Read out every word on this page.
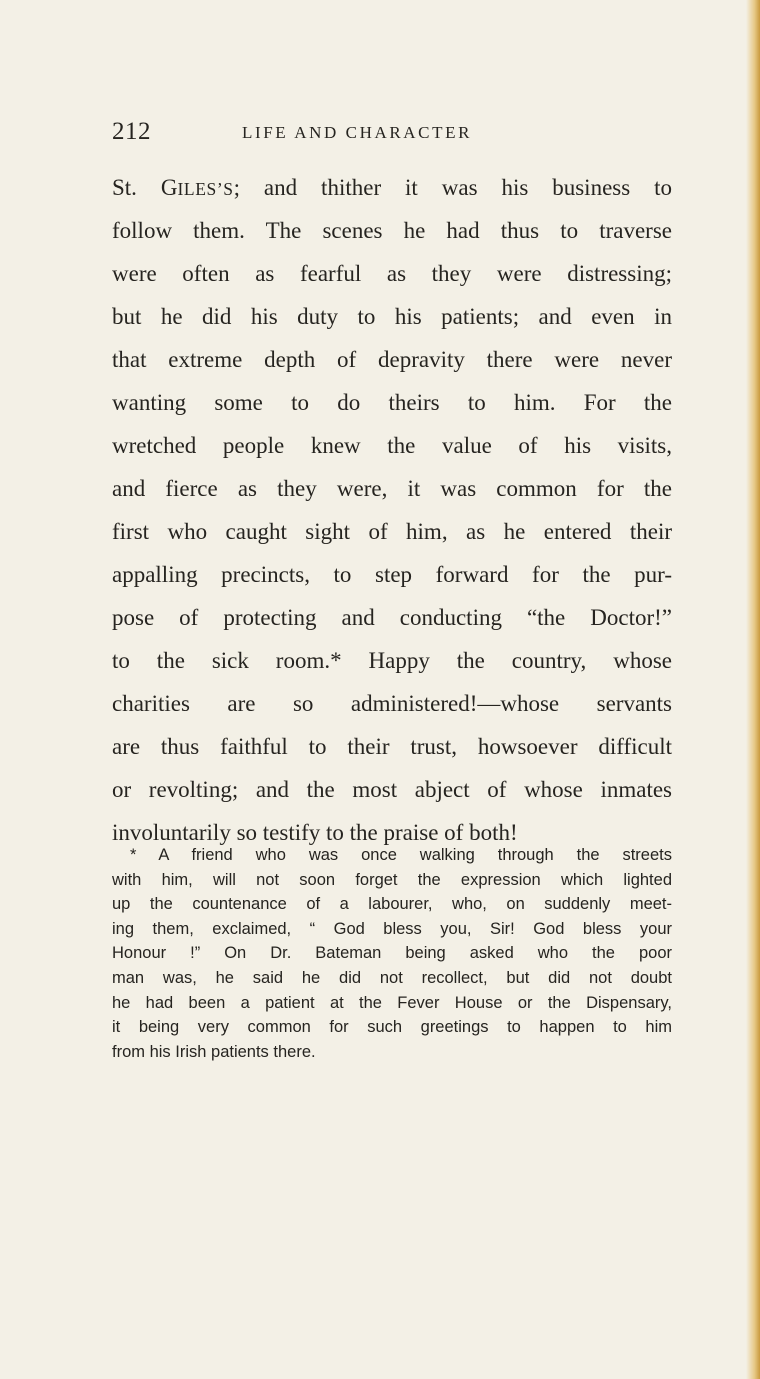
212	LIFE AND CHARACTER
St. GILES’S; and thither it was his business to
follow them. The scenes he had thus to traverse
were often as fearful as they were distressing;
but he did his duty to his patients; and even in
that extreme depth of depravity there were never
wanting some to do theirs to him. For the
wretched people knew the value of his visits,
and fierce as they were, it was common for the
first who caught sight of him, as he entered their
appalling precincts, to step forward for the pur-
pose of protecting and conducting “the Doctor!”
to the sick room.* Happy the country, whose
charities are so administered!—whose servants
are thus faithful to their trust, howsoever difficult
or revolting; and the most abject of whose inmates
involuntarily so testify to the praise of both!
* A friend who was once walking through the streets
with him, will not soon forget the expression which lighted
up the countenance of a labourer, who, on suddenly meet-
ing them, exclaimed, “ God bless you, Sir! God bless your
Honour !” On Dr. Bateman being asked who the poor
man was, he said he did not recollect, but did not doubt
he had been a patient at the Fever House or the Dispensary,
it being very common for such greetings to happen to him
from his Irish patients there.
